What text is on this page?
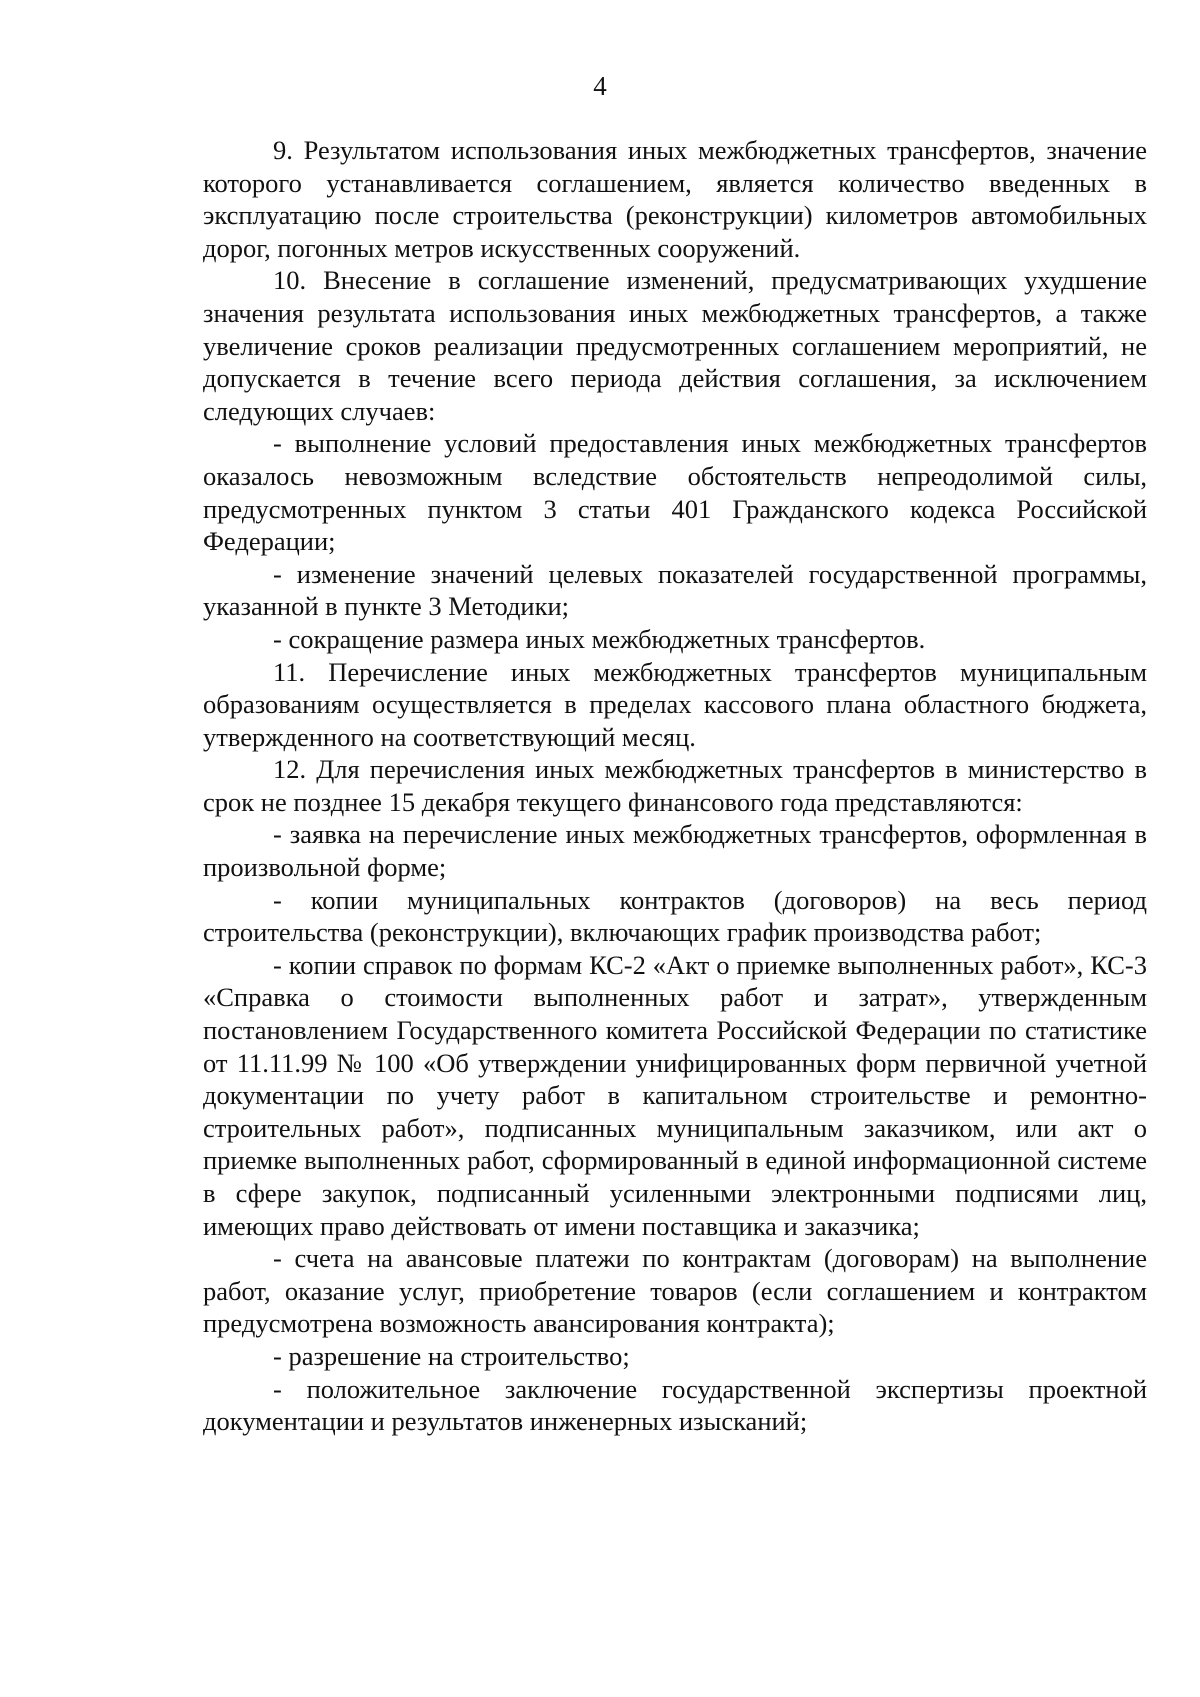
4

9. Результатом использования иных межбюджетных трансфертов, значение которого устанавливается соглашением, является количество введенных в эксплуатацию после строительства (реконструкции) километров автомобильных дорог, погонных метров искусственных сооружений.

10. Внесение в соглашение изменений, предусматривающих ухудшение значения результата использования иных межбюджетных трансфертов, а также увеличение сроков реализации предусмотренных соглашением мероприятий, не допускается в течение всего периода действия соглашения, за исключением следующих случаев:

- выполнение условий предоставления иных межбюджетных трансфертов оказалось невозможным вследствие обстоятельств непреодолимой силы, предусмотренных пунктом 3 статьи 401 Гражданского кодекса Российской Федерации;

- изменение значений целевых показателей государственной программы, указанной в пункте 3 Методики;

- сокращение размера иных межбюджетных трансфертов.

11. Перечисление иных межбюджетных трансфертов муниципальным образованиям осуществляется в пределах кассового плана областного бюджета, утвержденного на соответствующий месяц.

12. Для перечисления иных межбюджетных трансфертов в министерство в срок не позднее 15 декабря текущего финансового года представляются:

- заявка на перечисление иных межбюджетных трансфертов, оформленная в произвольной форме;

- копии муниципальных контрактов (договоров) на весь период строительства (реконструкции), включающих график производства работ;

- копии справок по формам КС-2 «Акт о приемке выполненных работ», КС-3 «Справка о стоимости выполненных работ и затрат», утвержденным постановлением Государственного комитета Российской Федерации по статистике от 11.11.99 № 100 «Об утверждении унифицированных форм первичной учетной документации по учету работ в капитальном строительстве и ремонтно-строительных работ», подписанных муниципальным заказчиком, или акт о приемке выполненных работ, сформированный в единой информационной системе в сфере закупок, подписанный усиленными электронными подписями лиц, имеющих право действовать от имени поставщика и заказчика;

- счета на авансовые платежи по контрактам (договорам) на выполнение работ, оказание услуг, приобретение товаров (если соглашением и контрактом предусмотрена возможность авансирования контракта);

- разрешение на строительство;

- положительное заключение государственной экспертизы проектной документации и результатов инженерных изысканий;
